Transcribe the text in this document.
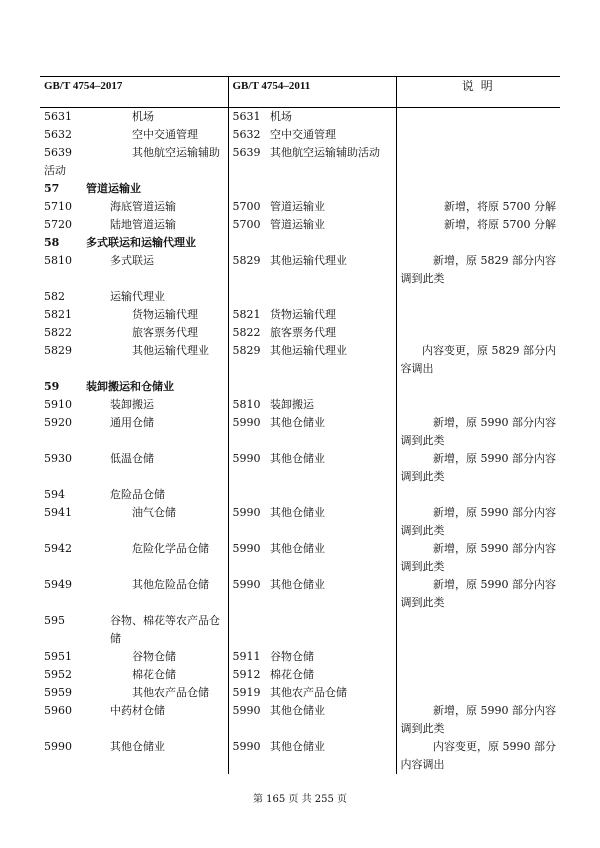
GB/T 4754–2017		GB/T 4754–2011		说 明
5631	机场	5631	机场	

5632	空中交通管理	5632	空中交通管理	

5639	其他航空运输辅助	5639	其他航空运输辅助活动	

活动				
57	管道运输业			

5710	海底管道运输	5700	管道运输业	新增，将原 5700 分解

5720	陆地管道运输	5700	管道运输业	新增，将原 5700 分解

58	多式联运和运输代理业			

5810	多式联运	5829	其他运输代理业	新增，原 5829 部分内容
调到此类

582	运输代理业			

5821	货物运输代理	5821	货物运输代理	

5822	旅客票务代理	5822	旅客票务代理	

5829	其他运输代理业	5829	其他运输代理业	内容变更，原 5829 部分内
容调出

59	装卸搬运和仓储业			

5910	装卸搬运	5810	装卸搬运	

5920	通用仓储	5990	其他仓储业	新增，原 5990 部分内容
调到此类

5930	低温仓储	5990	其他仓储业	新增，原 5990 部分内容
调到此类

594	危险品仓储			

5941	油气仓储	5990	其他仓储业	新增，原 5990 部分内容
调到此类

5942	危险化学品仓储	5990	其他仓储业	新增，原 5990 部分内容
调到此类

5949	其他危险品仓储	5990	其他仓储业	新增，原 5990 部分内容
调到此类

595	谷物、棉花等农产品仓储			

5951	谷物仓储	5911	谷物仓储	

5952	棉花仓储	5912	棉花仓储	

5959	其他农产品仓储	5919	其他农产品仓储	

5960	中药材仓储	5990	其他仓储业	新增，原 5990 部分内容
调到此类

5990	其他仓储业	5990	其他仓储业	内容变更，原 5990 部分
内容调出
第 165 页 共 255 页
